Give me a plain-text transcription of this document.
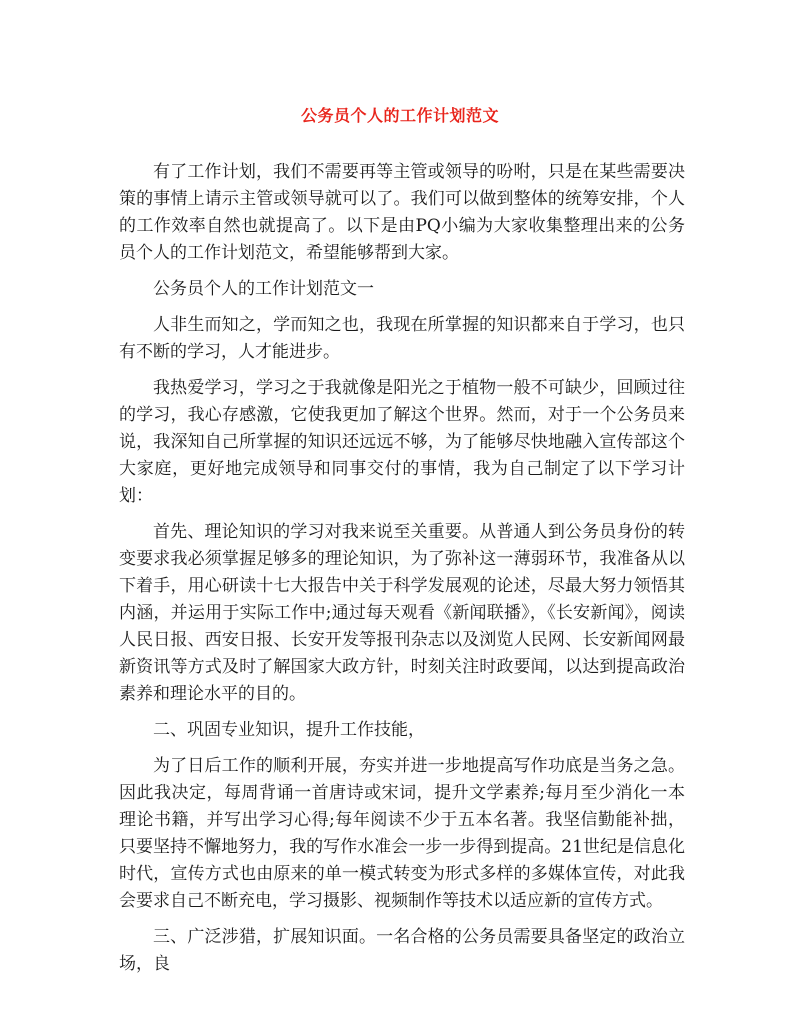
公务员个人的工作计划范文

有了工作计划，我们不需要再等主管或领导的吩咐，只是在某些需要决策的事情上请示主管或领导就可以了。我们可以做到整体的统筹安排，个人的工作效率自然也就提高了。以下是由PQ小编为大家收集整理出来的公务员个人的工作计划范文，希望能够帮到大家。

公务员个人的工作计划范文一

人非生而知之，学而知之也，我现在所掌握的知识都来自于学习，也只有不断的学习，人才能进步。

我热爱学习，学习之于我就像是阳光之于植物一般不可缺少，回顾过往的学习，我心存感激，它使我更加了解这个世界。然而，对于一个公务员来说，我深知自己所掌握的知识还远远不够，为了能够尽快地融入宣传部这个大家庭，更好地完成领导和同事交付的事情，我为自己制定了以下学习计划：

首先、理论知识的学习对我来说至关重要。从普通人到公务员身份的转变要求我必须掌握足够多的理论知识，为了弥补这一薄弱环节，我准备从以下着手，用心研读十七大报告中关于科学发展观的论述，尽最大努力领悟其内涵，并运用于实际工作中;通过每天观看《新闻联播》，《长安新闻》，阅读人民日报、西安日报、长安开发等报刊杂志以及浏览人民网、长安新闻网最新资讯等方式及时了解国家大政方针，时刻关注时政要闻，以达到提高政治素养和理论水平的目的。

二、巩固专业知识，提升工作技能，

为了日后工作的顺利开展，夯实并进一步地提高写作功底是当务之急。因此我决定，每周背诵一首唐诗或宋词，提升文学素养;每月至少消化一本理论书籍，并写出学习心得;每年阅读不少于五本名著。我坚信勤能补拙，只要坚持不懈地努力，我的写作水准会一步一步得到提高。21世纪是信息化时代，宣传方式也由原来的单一模式转变为形式多样的多媒体宣传，对此我会要求自己不断充电，学习摄影、视频制作等技术以适应新的宣传方式。

三、广泛涉猎，扩展知识面。一名合格的公务员需要具备坚定的政治立场，良
